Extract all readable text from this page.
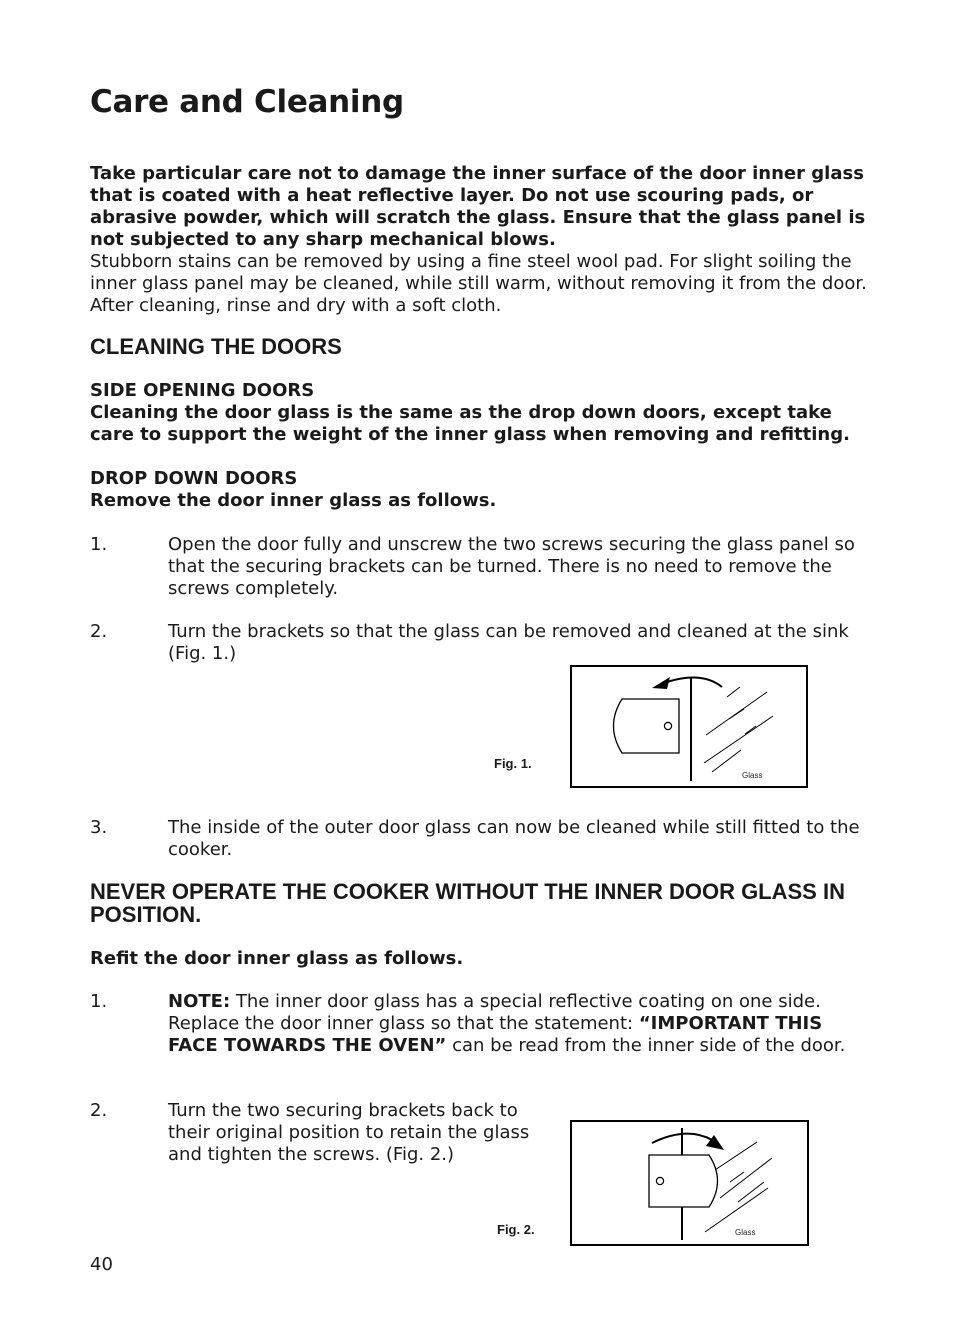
Care and Cleaning

Take particular care not to damage the inner surface of the door inner glass that is coated with a heat reflective layer. Do not use scouring pads, or abrasive powder, which will scratch the glass. Ensure that the glass panel is not subjected to any sharp mechanical blows.
Stubborn stains can be removed by using a fine steel wool pad. For slight soiling the inner glass panel may be cleaned, while still warm, without removing it from the door. After cleaning, rinse and dry with a soft cloth.

CLEANING THE DOORS

SIDE OPENING DOORS
Cleaning the door glass is the same as the drop down doors, except take care to support the weight of the inner glass when removing and refitting.

DROP DOWN DOORS
Remove the door inner glass as follows.

1.	Open the door fully and unscrew the two screws securing the glass panel so that the securing brackets can be turned. There is no need to remove the screws completely.

2.	Turn the brackets so that the glass can be removed and cleaned at the sink (Fig. 1.)

Fig. 1.
Glass
3.	The inside of the outer door glass can now be cleaned while still fitted to the cooker.

NEVER OPERATE THE COOKER WITHOUT THE INNER DOOR GLASS IN POSITION.

Refit the door inner glass as follows.

1.	NOTE: The inner door glass has a special reflective coating on one side. Replace the door inner glass so that the statement: “IMPORTANT THIS FACE TOWARDS THE OVEN” can be read from the inner side of the door.

2.	Turn the two securing brackets back to their original position to retain the glass and tighten the screws. (Fig. 2.)

Fig. 2.	Glass
40
